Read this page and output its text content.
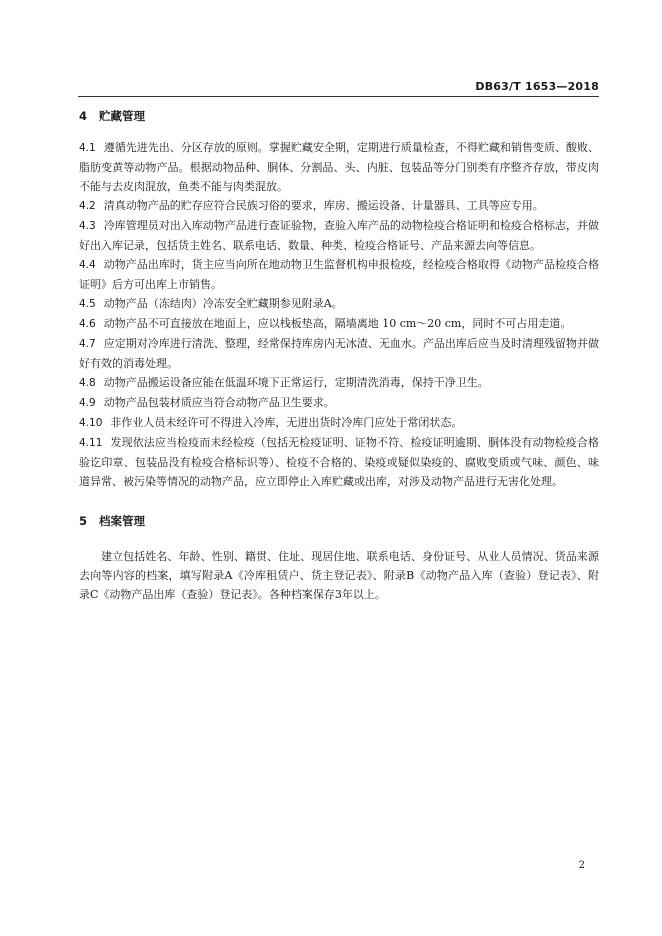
DB63/T 1653—2018
4 贮藏管理

4.1 遵循先进先出、分区存放的原则。掌握贮藏安全期，定期进行质量检查，不得贮藏和销售变质、酸败、脂肪变黄等动物产品。根据动物品种、胴体、分割品、头、内脏、包装品等分门别类有序整齐存放，带皮肉不能与去皮肉混放，鱼类不能与肉类混放。

4.2 清真动物产品的贮存应符合民族习俗的要求，库房、搬运设备、计量器具、工具等应专用。

4.3 冷库管理员对出入库动物产品进行查证验物，查验入库产品的动物检疫合格证明和检疫合格标志，并做好出入库记录，包括货主姓名、联系电话、数量、种类、检疫合格证号、产品来源去向等信息。

4.4 动物产品出库时，货主应当向所在地动物卫生监督机构申报检疫，经检疫合格取得《动物产品检疫合格证明》后方可出库上市销售。

4.5 动物产品（冻结肉）冷冻安全贮藏期参见附录A。

4.6 动物产品不可直接放在地面上，应以栈板垫高，隔墙离地 10 cm～20 cm，同时不可占用走道。

4.7 应定期对冷库进行清洗、整理，经常保持库房内无冰渣、无血水。产品出库后应当及时清理残留物并做好有效的消毒处理。

4.8 动物产品搬运设备应能在低温环境下正常运行，定期清洗消毒，保持干净卫生。

4.9 动物产品包装材质应当符合动物产品卫生要求。

4.10 非作业人员未经许可不得进入冷库，无进出货时冷库门应处于常闭状态。

4.11 发现依法应当检疫而未经检疫（包括无检疫证明、证物不符、检疫证明逾期、胴体没有动物检疫合格验讫印章、包装品没有检疫合格标识等）、检疫不合格的、染疫或疑似染疫的、腐败变质或气味、颜色、味道异常、被污染等情况的动物产品，应立即停止入库贮藏或出库，对涉及动物产品进行无害化处理。

5 档案管理

建立包括姓名、年龄、性别、籍贯、住址、现居住地、联系电话、身份证号、从业人员情况、货品来源去向等内容的档案，填写附录A《冷库租赁户、货主登记表》、附录B《动物产品入库（查验）登记表》、附录C《动物产品出库（查验）登记表》。各种档案保存3年以上。

2
